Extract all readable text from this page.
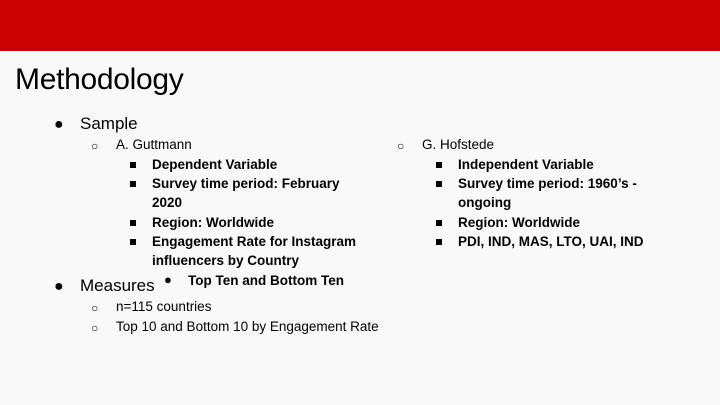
Methodology
● Sample
○ A. Guttmann
Dependent Variable
Survey time period: February
2020
Region: Worldwide
Engagement Rate for Instagram
influencers by Country
● Top Ten and Bottom Ten
○ G. Hofstede
Independent Variable
Survey time period: 1960’s -
ongoing
Region: Worldwide
PDI, IND, MAS, LTO, UAI, IND
● Measures
○ n=115 countries
○ Top 10 and Bottom 10 by Engagement Rate
